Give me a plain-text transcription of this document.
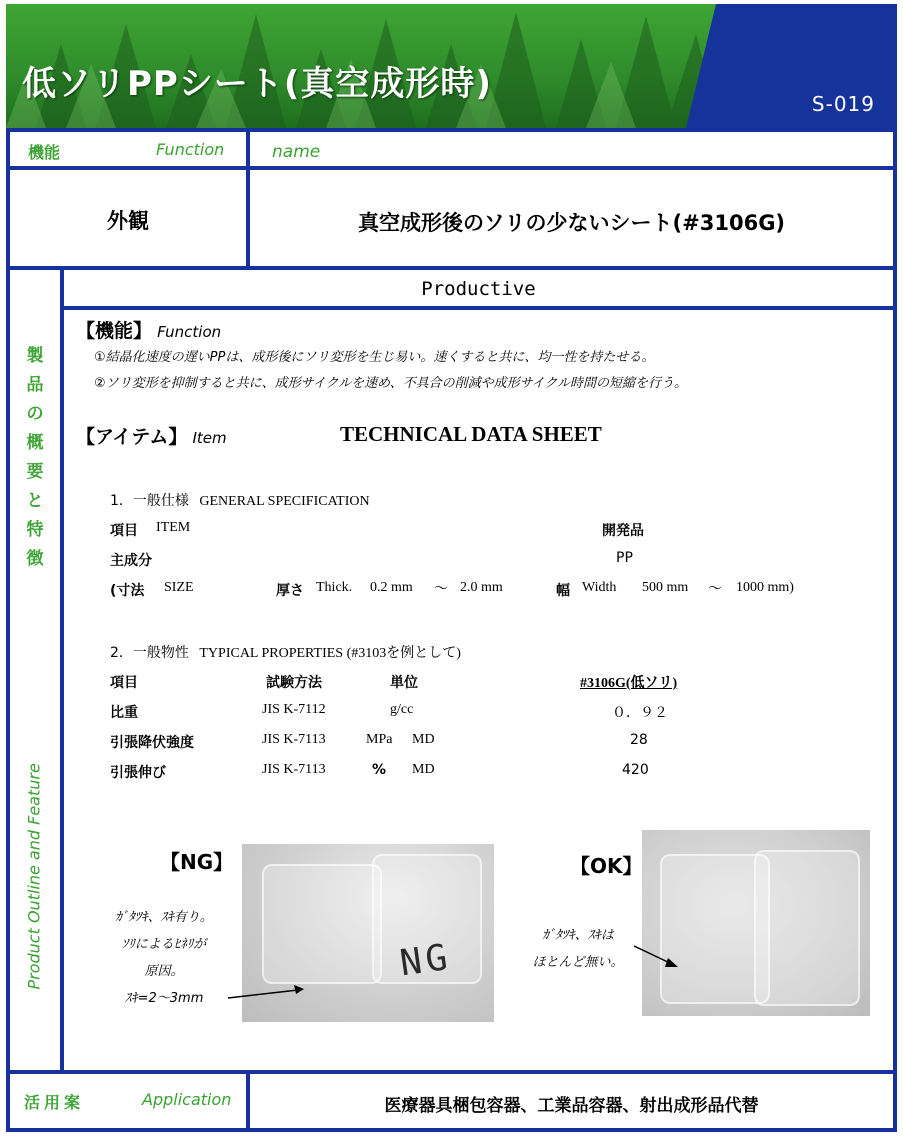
低ソリPPシート(真空成形時)	S-019
機能	Function	name
外観	真空成形後のソリの少ないシート(#3106G)
製
品
の
概
要
と
特
徴
Product Outline and Feature
Productive
【機能】 Function
①結晶化速度の遅いPPは、成形後にソリ変形を生じ易い。速くすると共に、均一性を持たせる。
②ソリ変形を抑制すると共に、成形サイクルを速め、不具合の削減や成形サイクル時間の短縮を行う。
【アイテム】 Item	TECHNICAL DATA SHEET
1．一般仕様 GENERAL SPECIFICATION
項目 ITEM	開発品
主成分	PP
(寸法 SIZE	厚さ Thick. 0.2 mm ～ 2.0 mm	幅 Width 500 mm ～ 1000 mm)
2．一般物性 TYPICAL PROPERTIES (#3103を例として)
項目	試験方法	単位	#3106G(低ソリ)
比重	JIS K-7112	g/cc	０．９２
引張降伏強度	JIS K-7113	MPa MD	28
引張伸び	JIS K-7113	% MD	420
【NG】
NG
ｶﾞﾀﾂｷ、ｽｷ有り。
ｿﾘによるﾋﾈﾘが
原因。
ｽｷ=2～3mm
【OK】
ｶﾞﾀﾂｷ、ｽｷは
ほとんど無い。
活用案	Application	医療器具梱包容器、工業品容器、射出成形品代替
